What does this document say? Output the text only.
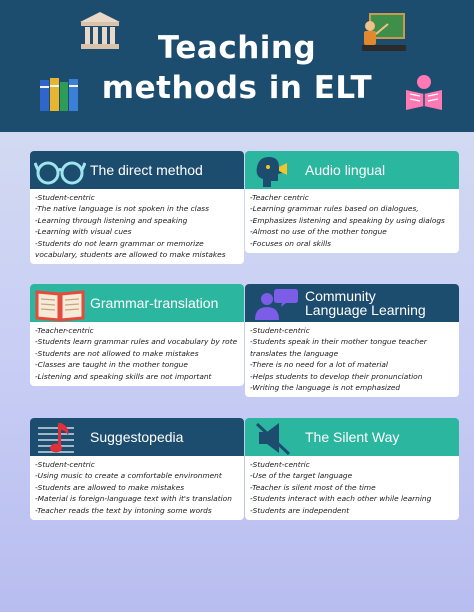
Teaching
methods in ELT
The direct method
-Student-centric
-The native language is not spoken in the class
-Learning through listening and speaking
-Learning with visual cues
-Students do not learn grammar or memorize vocabulary, students are allowed to make mistakes
Audio lingual
-Teacher centric
-Learning grammar rules based on dialogues,
-Emphasizes listening and speaking by using dialogs
-Almost no use of the mother tongue
-Focuses on oral skills
Grammar-translation
-Teacher-centric
-Students learn grammar rules and vocabulary by rote
-Students are not allowed to make mistakes
-Classes are taught in the mother tongue
-Listening and speaking skills are not important
Community
Language Learning
-Student-centric
-Students speak in their mother tongue teacher translates the language
-There is no need for a lot of material
-Helps students to develop their pronunciation
-Writing the language is not emphasized
Suggestopedia
-Student-centric
-Using music to create a comfortable environment
-Students are allowed to make mistakes
-Material is foreign-language text with it's translation
-Teacher reads the text by intoning some words
The Silent Way
-Student-centric
-Use of the target language
-Teacher is silent most of the time
-Students interact with each other while learning
-Students are independent
